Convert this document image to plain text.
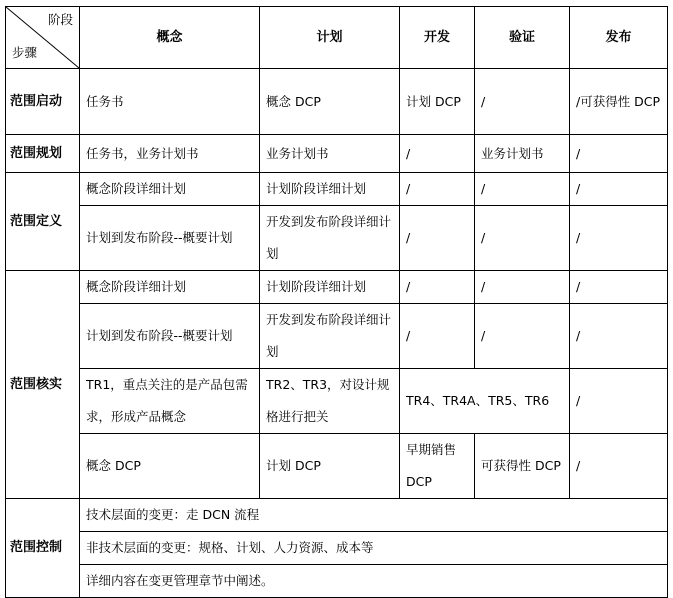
阶段
步骤	概念	计划	开发	验证	发布
范围启动	任务书	概念 DCP	计划 DCP	/	/可获得性 DCP
范围规划	任务书，业务计划书	业务计划书	/	业务计划书	/
范围定义	概念阶段详细计划	计划阶段详细计划	/	/	/
	计划到发布阶段--概要计划	开发到发布阶段详细计划	/	/	/
范围核实	概念阶段详细计划	计划阶段详细计划	/	/	/
	计划到发布阶段--概要计划	开发到发布阶段详细计划	/	/	/
	TR1，重点关注的是产品包需求，形成产品概念	TR2、TR3，对设计规格进行把关	TR4、TR4A、TR5、TR6		/
	概念 DCP	计划 DCP	早期销售 DCP	可获得性 DCP	/
范围控制	技术层面的变更：走 DCN 流程				
	非技术层面的变更：规格、计划、人力资源、成本等				
	详细内容在变更管理章节中阐述。				
